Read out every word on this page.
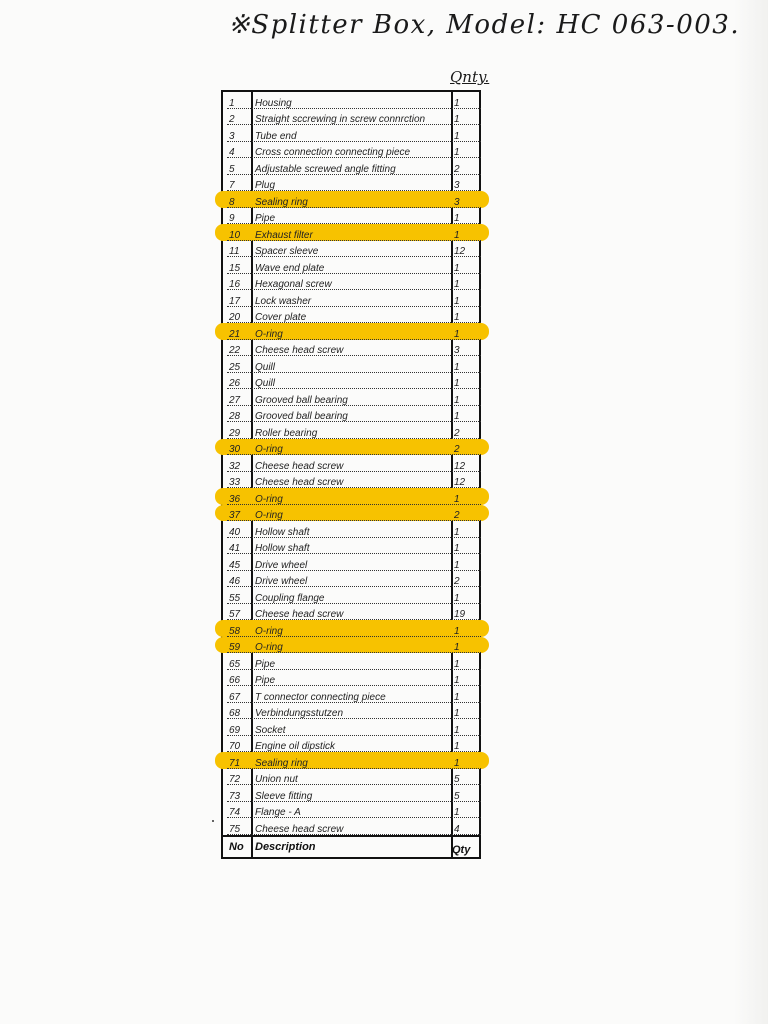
※Splitter Box, Model: HC 063-003.
Qnty.
1	Housing	1
2	Straight sccrewing in screw connrction	1
3	Tube end	1
4	Cross connection connecting piece	1
5	Adjustable screwed angle fitting	2
7	Plug	3
8	Sealing ring	3
9	Pipe	1
10	Exhaust filter	1
11	Spacer sleeve	12
15	Wave end plate	1
16	Hexagonal screw	1
17	Lock washer	1
20	Cover plate	1
21	O-ring	1
22	Cheese head screw	3
25	Quill	1
26	Quill	1
27	Grooved ball bearing	1
28	Grooved ball bearing	1
29	Roller bearing	2
30	O-ring	2
32	Cheese head screw	12
33	Cheese head screw	12
36	O-ring	1
37	O-ring	2
40	Hollow shaft	1
41	Hollow shaft	1
45	Drive wheel	1
46	Drive wheel	2
55	Coupling flange	1
57	Cheese head screw	19
58	O-ring	1
59	O-ring	1
65	Pipe	1
66	Pipe	1
67	T connector connecting piece	1
68	Verbindungsstutzen	1
69	Socket	1
70	Engine oil dipstick	1
71	Sealing ring	1
72	Union nut	5
73	Sleeve fitting	5
74	Flange - A	1
75	Cheese head screw	4
No	Description	Qty
